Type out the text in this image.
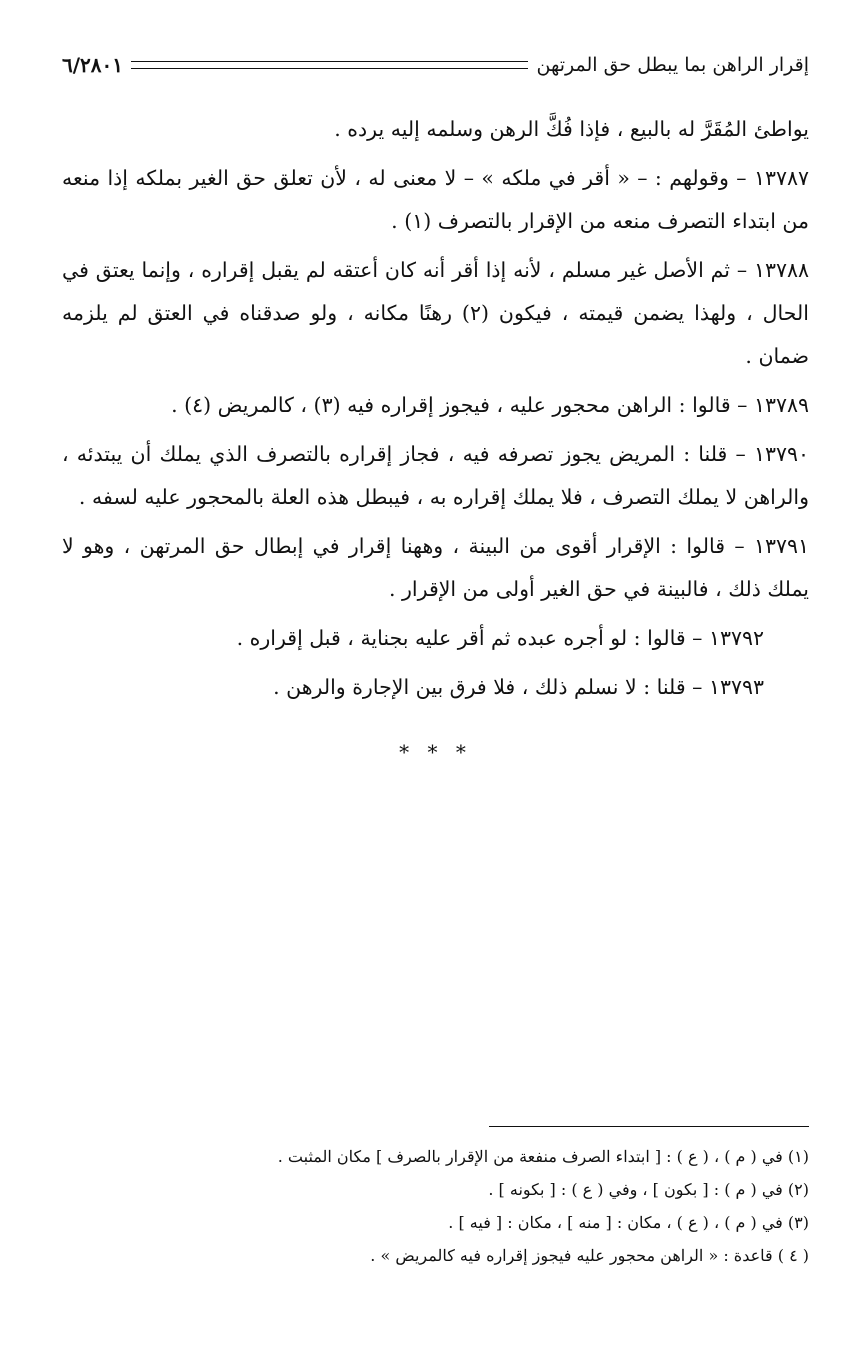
إقرار الراهن بما يبطل حق المرتهن
٦/٢٨٠١

يواطئ المُقَرَّ له بالبيع ، فإذا فُكَّ الرهن وسلمه إليه يرده .

١٣٧٨٧ – وقولهم : – « أقر في ملكه » – لا معنى له ، لأن تعلق حق الغير بملكه إذا منعه من ابتداء التصرف منعه من الإقرار بالتصرف (١) .

١٣٧٨٨ – ثم الأصل غير مسلم ، لأنه إذا أقر أنه كان أعتقه لم يقبل إقراره ، وإنما يعتق في الحال ، ولهذا يضمن قيمته ، فيكون (٢) رهنًا مكانه ، ولو صدقناه في العتق لم يلزمه ضمان .

١٣٧٨٩ – قالوا : الراهن محجور عليه ، فيجوز إقراره فيه (٣) ، كالمريض (٤) .

١٣٧٩٠ – قلنا : المريض يجوز تصرفه فيه ، فجاز إقراره بالتصرف الذي يملك أن يبتدئه ، والراهن لا يملك التصرف ، فلا يملك إقراره به ، فيبطل هذه العلة بالمحجور عليه لسفه .

١٣٧٩١ – قالوا : الإقرار أقوى من البينة ، وههنا إقرار في إبطال حق المرتهن ، وهو لا يملك ذلك ، فالبينة في حق الغير أولى من الإقرار .

١٣٧٩٢ – قالوا : لو أجره عبده ثم أقر عليه بجناية ، قبل إقراره .

١٣٧٩٣ – قلنا : لا نسلم ذلك ، فلا فرق بين الإجارة والرهن .

* * *

(١) في ( م ) ، ( ع ) : [ ابتداء الصرف منفعة من الإقرار بالصرف ] مكان المثبت .

(٢) في ( م ) : [ بكون ] ، وفي ( ع ) : [ بكونه ] .

(٣) في ( م ) ، ( ع ) ، مكان : [ منه ] ، مكان : [ فيه ] .

( ٤ ) قاعدة : « الراهن محجور عليه فيجوز إقراره فيه كالمريض » .
